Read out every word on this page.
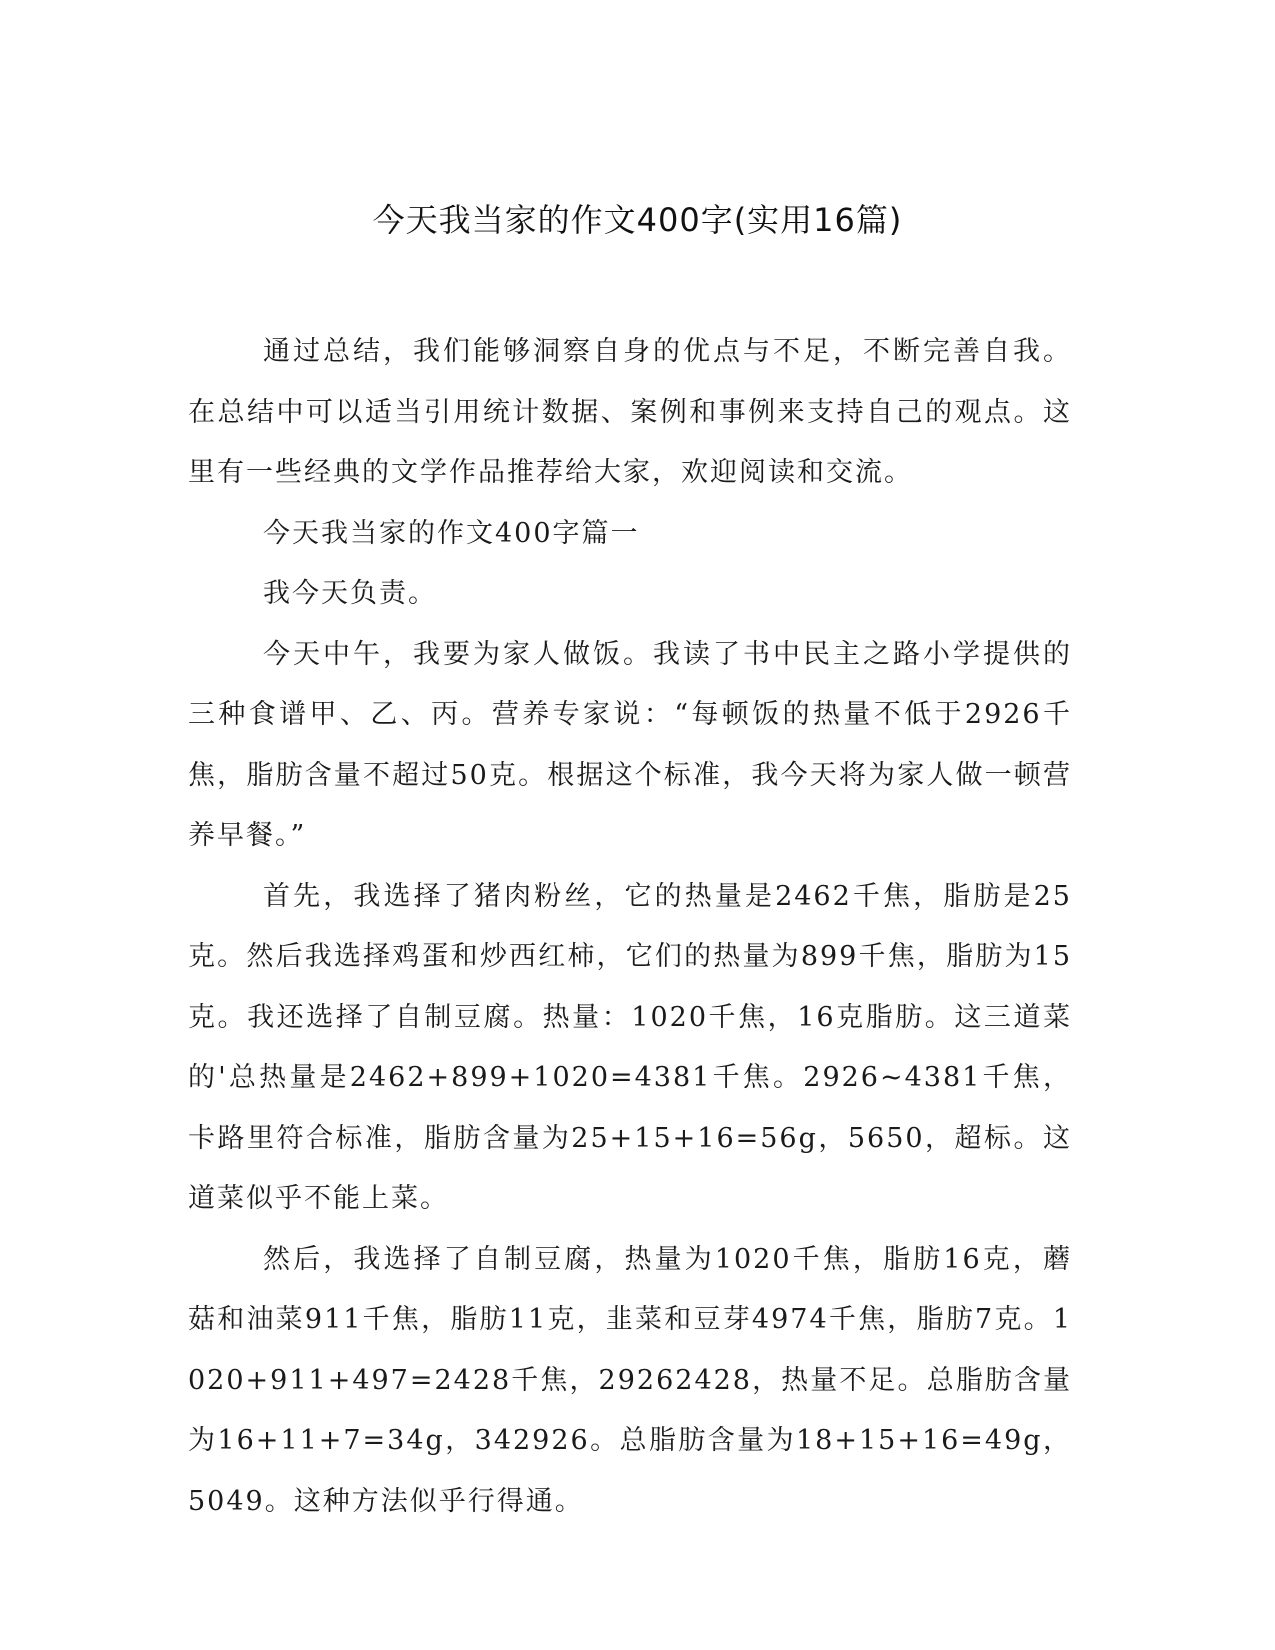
今天我当家的作文400字(实用16篇)

通过总结，我们能够洞察自身的优点与不足，不断完善自我。在总结中可以适当引用统计数据、案例和事例来支持自己的观点。这里有一些经典的文学作品推荐给大家，欢迎阅读和交流。

今天我当家的作文400字篇一

我今天负责。

今天中午，我要为家人做饭。我读了书中民主之路小学提供的三种食谱甲、乙、丙。营养专家说：“每顿饭的热量不低于2926千焦，脂肪含量不超过50克。根据这个标准，我今天将为家人做一顿营养早餐。”

首先，我选择了猪肉粉丝，它的热量是2462千焦，脂肪是25克。然后我选择鸡蛋和炒西红柿，它们的热量为899千焦，脂肪为15克。我还选择了自制豆腐。热量：1020千焦，16克脂肪。这三道菜的'总热量是2462+899+1020=4381千焦。2926~4381千焦，卡路里符合标准，脂肪含量为25+15+16=56g，5650，超标。这道菜似乎不能上菜。

然后，我选择了自制豆腐，热量为1020千焦，脂肪16克，蘑菇和油菜911千焦，脂肪11克，韭菜和豆芽4974千焦，脂肪7克。1020+911+497=2428千焦，29262428，热量不足。总脂肪含量为16+11+7=34g，342926。总脂肪含量为18+15+16=49g，5049。这种方法似乎行得通。
